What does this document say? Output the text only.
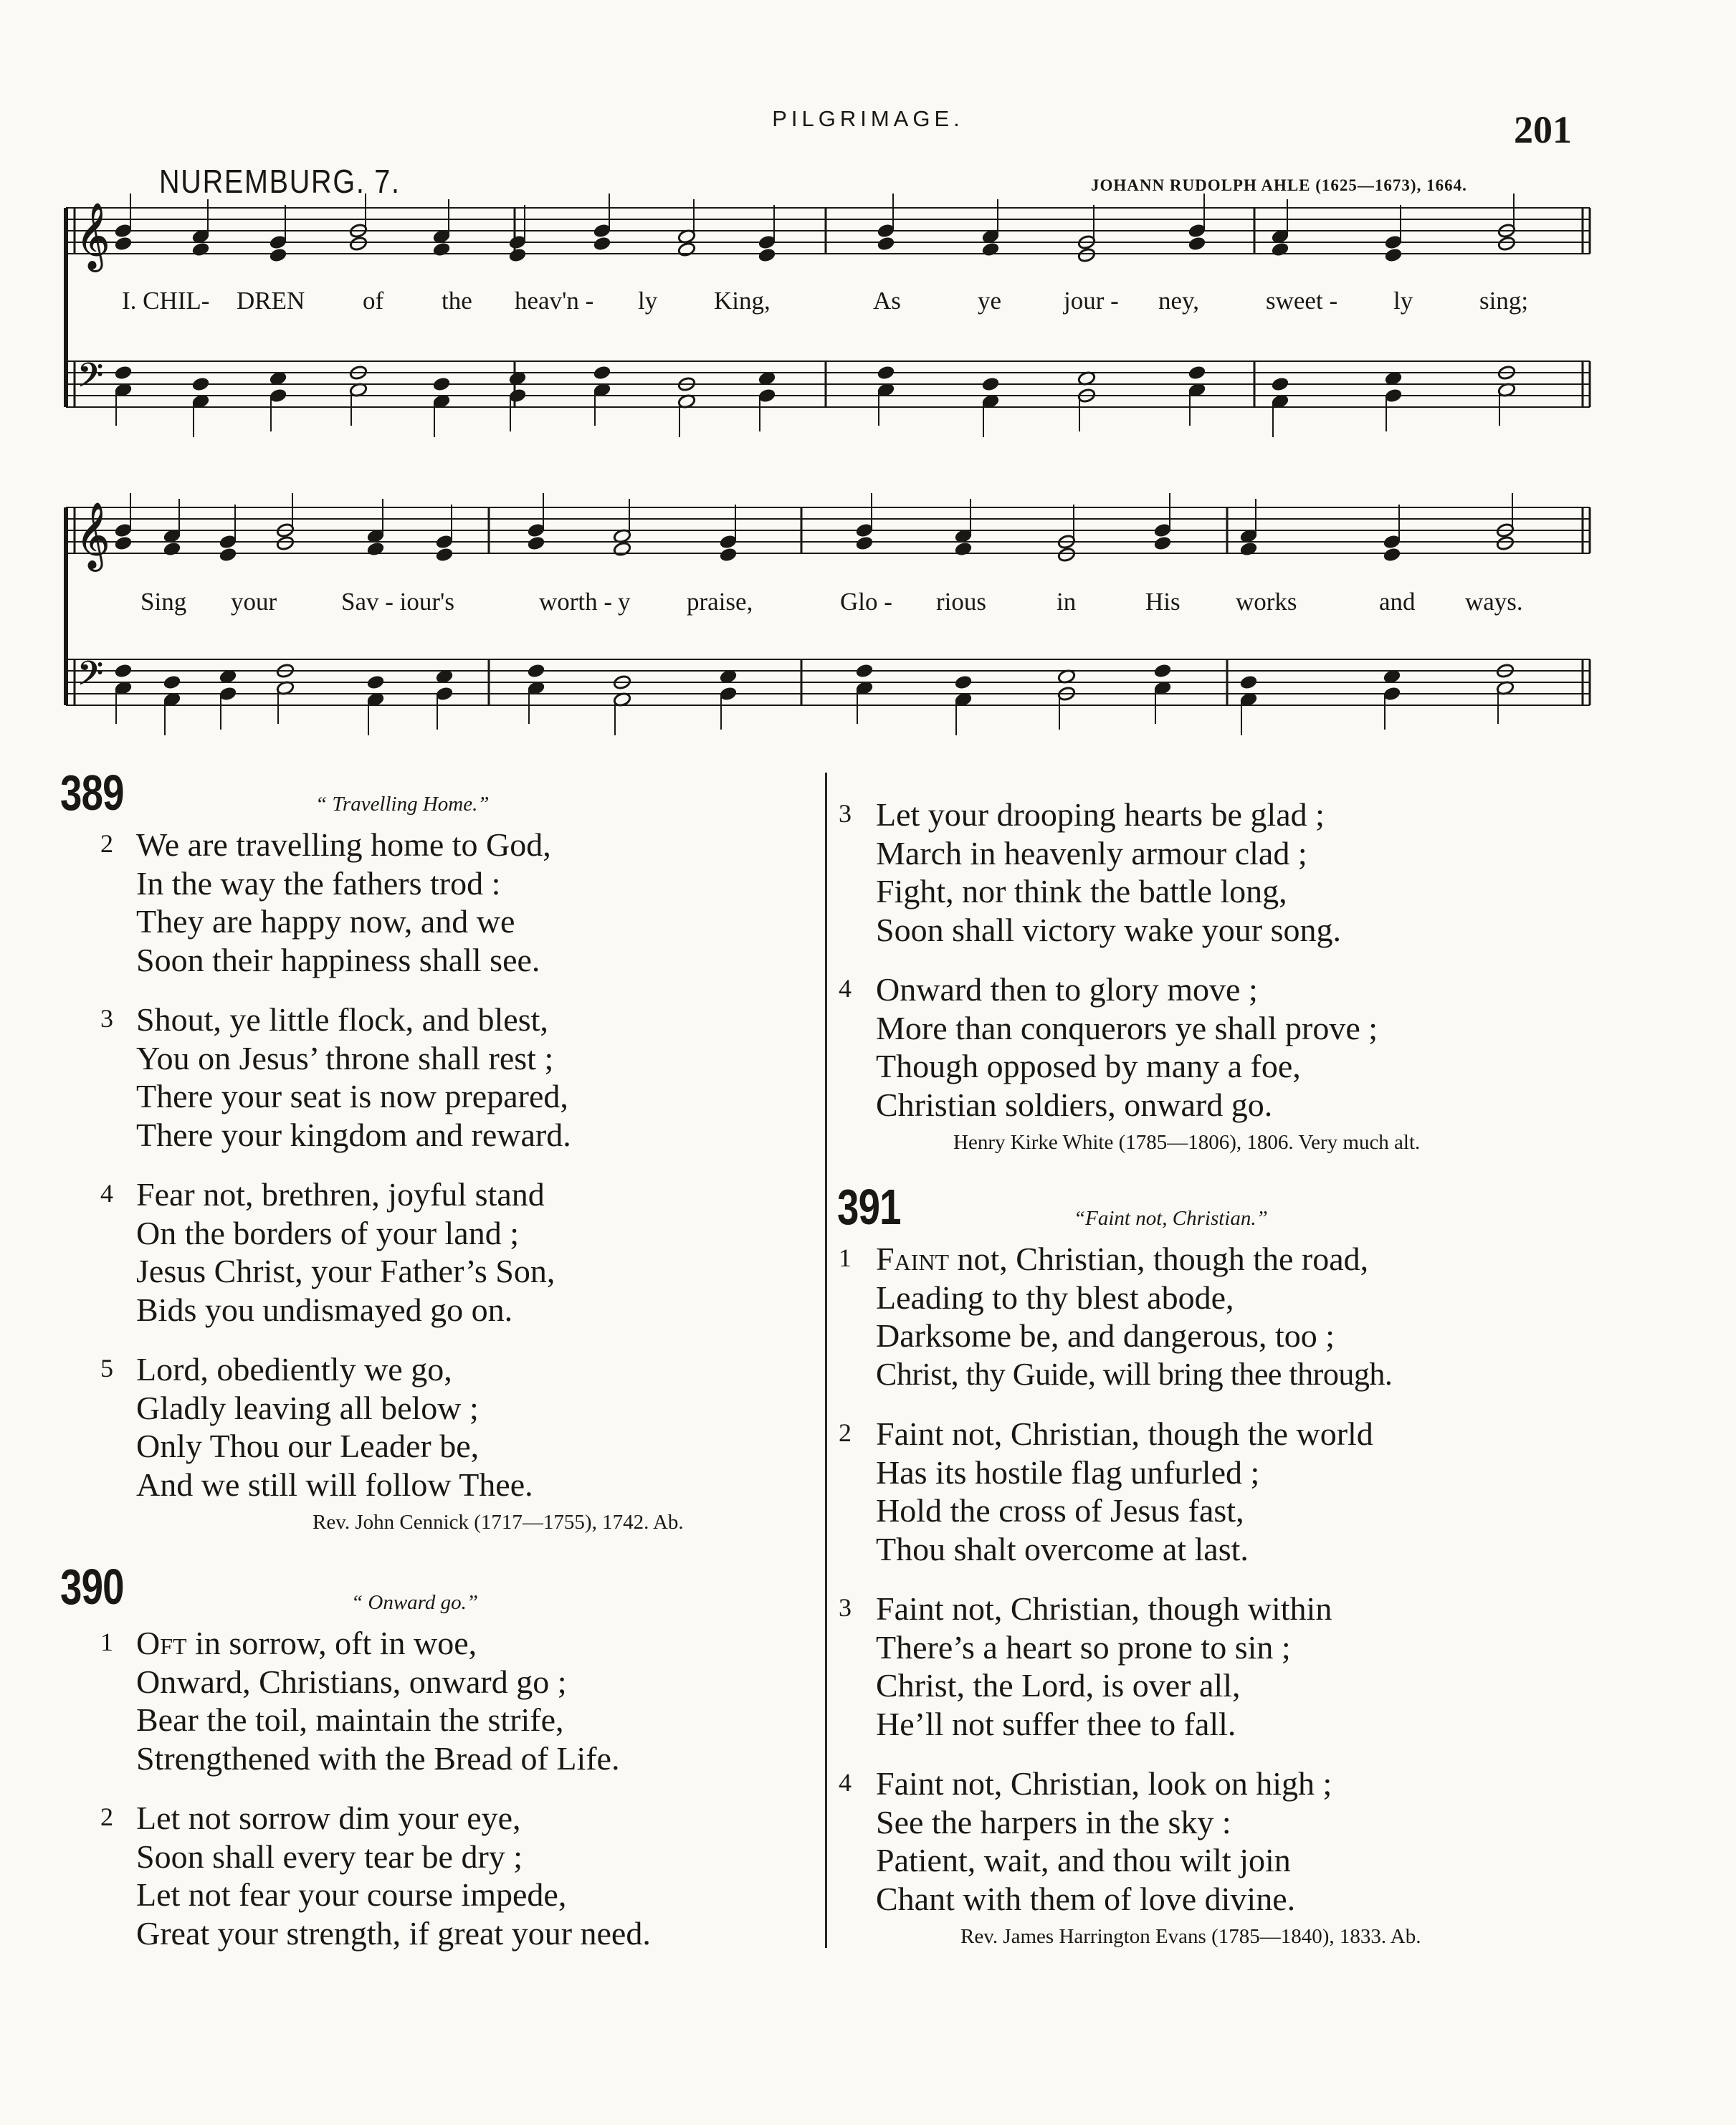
PILGRIMAGE.	201
NUREMBURG. 7.	JOHANN RUDOLPH AHLE (1625—1673), 1664.
𝄞
𝄢
𝄞
𝄢
I. CHIL- DREN of the heav'n - ly King,	As	ye jour - ney,	sweet - ly	sing;
Sing your	Sav - iour's	worth - y praise,	Glo - rious	in	His works	and ways.
389	“ Travelling Home.”
2 We are travelling home to God,
In the way the fathers trod :
They are happy now, and we
Soon their happiness shall see.
3 Shout, ye little flock, and blest,
You on Jesus’ throne shall rest ;
There your seat is now prepared,
There your kingdom and reward.
4 Fear not, brethren, joyful stand
On the borders of your land ;
Jesus Christ, your Father’s Son,
Bids you undismayed go on.
5 Lord, obediently we go,
Gladly leaving all below ;
Only Thou our Leader be,
And we still will follow Thee.
Rev. John Cennick (1717—1755), 1742. Ab.
390	“ Onward go.”
1 Oft in sorrow, oft in woe,
Onward, Christians, onward go ;
Bear the toil, maintain the strife,
Strengthened with the Bread of Life.
2 Let not sorrow dim your eye,
Soon shall every tear be dry ;
Let not fear your course impede,
Great your strength, if great your need.
3 Let your drooping hearts be glad ;
March in heavenly armour clad ;
Fight, nor think the battle long,
Soon shall victory wake your song.
4 Onward then to glory move ;
More than conquerors ye shall prove ;
Though opposed by many a foe,
Christian soldiers, onward go.
Henry Kirke White (1785—1806), 1806. Very much alt.
391	“Faint not, Christian.”
1 Faint not, Christian, though the road,
Leading to thy blest abode,
Darksome be, and dangerous, too ;
Christ, thy Guide, will bring thee through.
2 Faint not, Christian, though the world
Has its hostile flag unfurled ;
Hold the cross of Jesus fast,
Thou shalt overcome at last.
3 Faint not, Christian, though within
There’s a heart so prone to sin ;
Christ, the Lord, is over all,
He’ll not suffer thee to fall.
4 Faint not, Christian, look on high ;
See the harpers in the sky :
Patient, wait, and thou wilt join
Chant with them of love divine.
Rev. James Harrington Evans (1785—1840), 1833. Ab.
